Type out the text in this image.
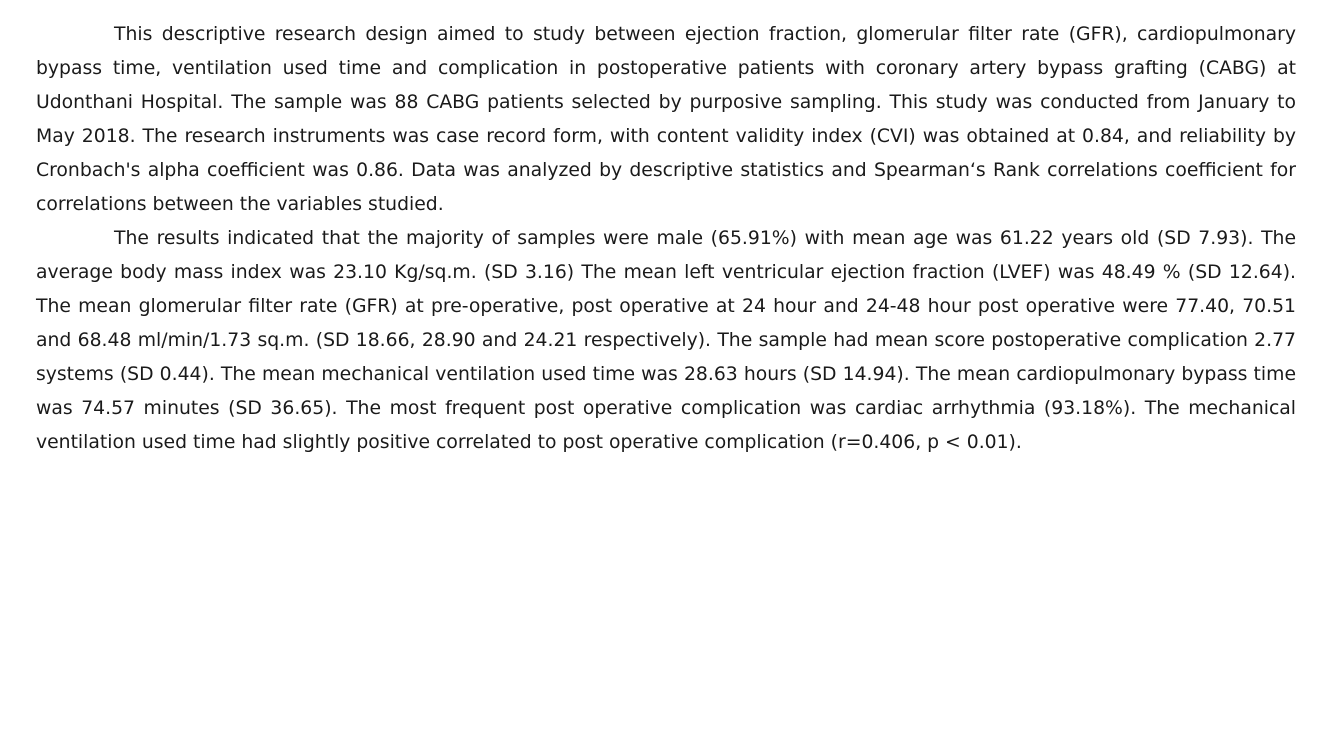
This descriptive research design aimed to study between ejection fraction, glomerular filter rate (GFR), cardiopulmonary bypass time, ventilation used time and complication in postoperative patients with coronary artery bypass grafting (CABG) at Udonthani Hospital. The sample was 88 CABG patients selected by purposive sampling. This study was conducted from January to May 2018. The research instruments was case record form, with content validity index (CVI) was obtained at 0.84, and reliability by Cronbach's alpha coefficient was 0.86. Data was analyzed by descriptive statistics and Spearman‘s Rank correlations coefficient for correlations between the variables studied.

The results indicated that the majority of samples were male (65.91%) with mean age was 61.22 years old (SD 7.93). The average body mass index was 23.10 Kg/sq.m. (SD 3.16) The mean left ventricular ejection fraction (LVEF) was 48.49 % (SD 12.64). The mean glomerular filter rate (GFR) at pre-operative, post operative at 24 hour and 24-48 hour post operative were 77.40, 70.51 and 68.48 ml/min/1.73 sq.m. (SD 18.66, 28.90 and 24.21 respectively). The sample had mean score postoperative complication 2.77 systems (SD 0.44). The mean mechanical ventilation used time was 28.63 hours (SD 14.94). The mean cardiopulmonary bypass time was 74.57 minutes (SD 36.65). The most frequent post operative complication was cardiac arrhythmia (93.18%). The mechanical ventilation used time had slightly positive correlated to post operative complication (r=0.406, p < 0.01).
